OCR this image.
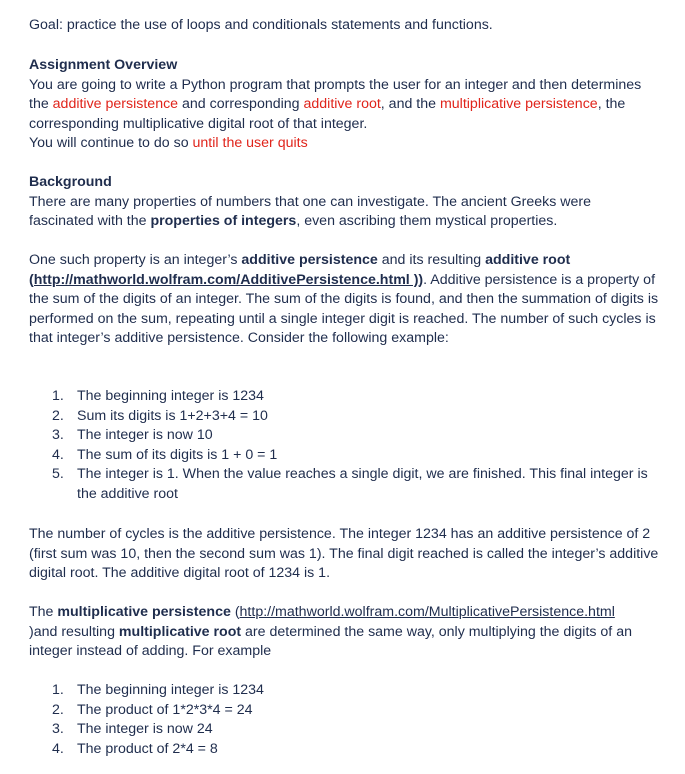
Goal: practice the use of loops and conditionals statements and functions.

Assignment Overview
You are going to write a Python program that prompts the user for an integer and then determines the additive persistence and corresponding additive root, and the multiplicative persistence, the corresponding multiplicative digital root of that integer.
You will continue to do so until the user quits
Background
There are many properties of numbers that one can investigate. The ancient Greeks were fascinated with the properties of integers, even ascribing them mystical properties.

One such property is an integer’s additive persistence and its resulting additive root
(http://mathworld.wolfram.com/AdditivePersistence.html )). Additive persistence is a property of the sum of the digits of an integer. The sum of the digits is found, and then the summation of digits is performed on the sum, repeating until a single integer digit is reached. The number of such cycles is that integer’s additive persistence. Consider the following example:

1. The beginning integer is 1234
2. Sum its digits is 1+2+3+4 = 10
3. The integer is now 10
4. The sum of its digits is 1 + 0 = 1
5. The integer is 1. When the value reaches a single digit, we are finished. This final integer is the additive root

The number of cycles is the additive persistence. The integer 1234 has an additive persistence of 2 (first sum was 10, then the second sum was 1). The final digit reached is called the integer’s additive digital root. The additive digital root of 1234 is 1.

The multiplicative persistence (http://mathworld.wolfram.com/MultiplicativePersistence.html
)and resulting multiplicative root are determined the same way, only multiplying the digits of an integer instead of adding. For example

1. The beginning integer is 1234
2. The product of 1*2*3*4 = 24
3. The integer is now 24
4. The product of 2*4 = 8
